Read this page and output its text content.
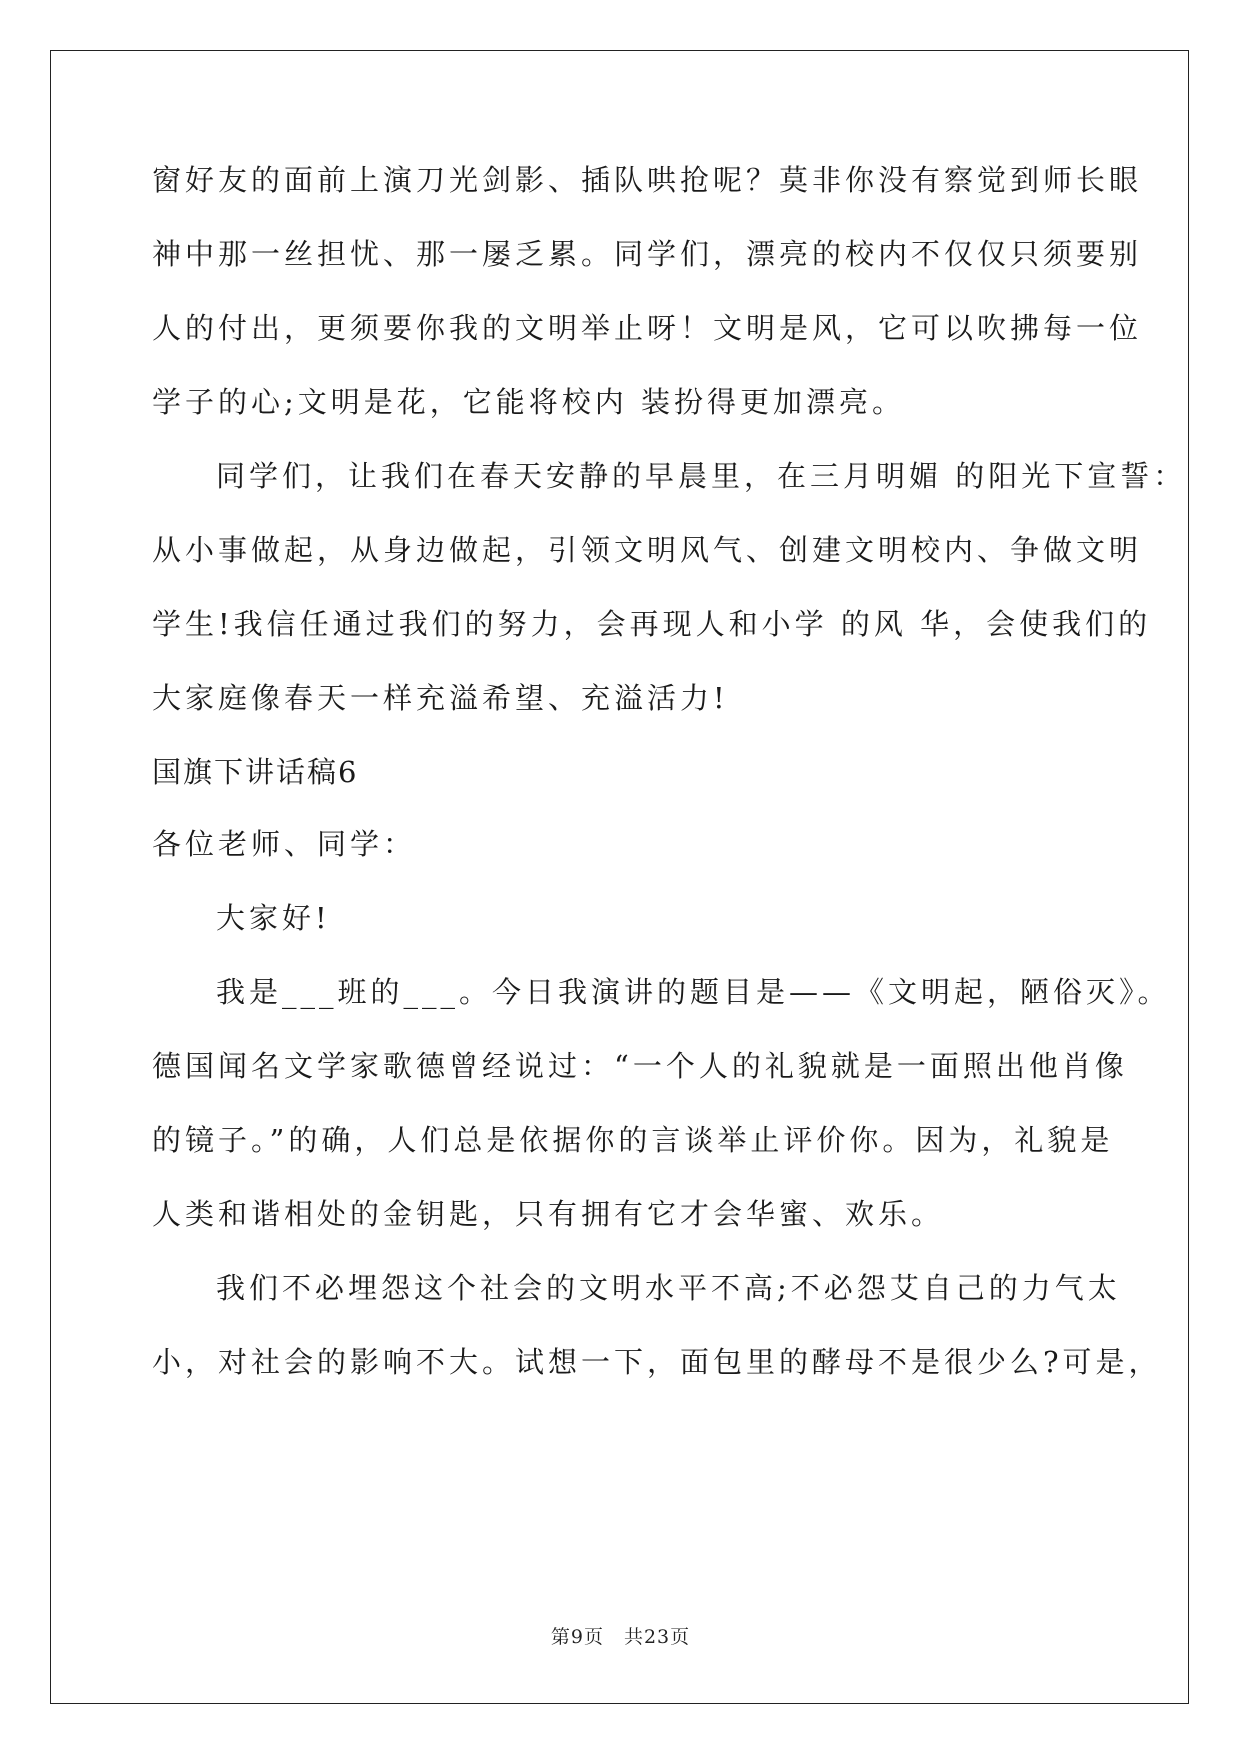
窗好友的面前上演刀光剑影、插队哄抢呢？莫非你没有察觉到师长眼
神中那一丝担忧、那一屡乏累。同学们，漂亮的校内不仅仅只须要别
人的付出，更须要你我的文明举止呀！文明是风，它可以吹拂每一位
学子的心;文明是花，它能将校内 装扮得更加漂亮。
同学们，让我们在春天安静的早晨里，在三月明媚 的阳光下宣誓：
从小事做起，从身边做起，引领文明风气、创建文明校内、争做文明
学生!我信任通过我们的努力，会再现人和小学 的风 华，会使我们的
大家庭像春天一样充溢希望、充溢活力!
国旗下讲话稿6
各位老师、同学：
大家好!
我是___班的___。今日我演讲的题目是——《文明起，陋俗灭》。
德国闻名文学家歌德曾经说过：“一个人的礼貌就是一面照出他肖像
的镜子。”的确，人们总是依据你的言谈举止评价你。因为，礼貌是
人类和谐相处的金钥匙，只有拥有它才会华蜜、欢乐。
我们不必埋怨这个社会的文明水平不高;不必怨艾自己的力气太
小，对社会的影响不大。试想一下，面包里的酵母不是很少么?可是，
第9页　共23页
